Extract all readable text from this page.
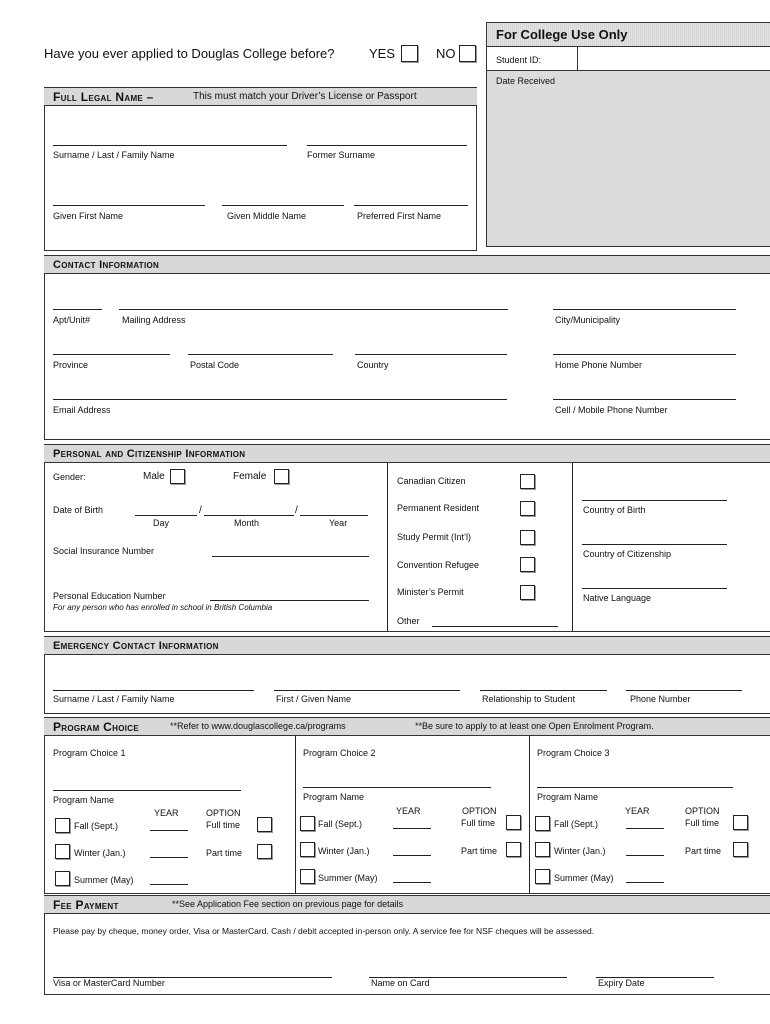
Have you ever applied to Douglas College before?	YES	NO
For College Use Only
Student ID:
Date Received
Full Legal Name –	This must match your Driver’s License or Passport
Surname / Last / Family Name	Former Surname
Given First Name	Given Middle Name	Preferred First Name
Contact Information
Apt/Unit#	Mailing Address	City/Municipality
Province	Postal Code	Country	Home Phone Number
Email Address	Cell / Mobile Phone Number
Personal and Citizenship Information
Gender:	Male	Female
Date of Birth	/	/
Day	Month	Year
Social Insurance Number
Personal Education Number
For any person who has enrolled in school in British Columbia
Canadian Citizen
Permanent Resident
Study Permit (Int’l)
Convention Refugee
Minister’s Permit
Other
Country of Birth
Country of Citizenship
Native Language
Emergency Contact Information
Surname / Last / Family Name	First / Given Name	Relationship to Student	Phone Number
Program Choice	**Refer to www.douglascollege.ca/programs	**Be sure to apply to at least one Open Enrolment Program.
Program Choice 1
Program Name
YEAR	OPTION
Fall (Sept.)	Full time
Winter (Jan.)	Part time
Summer (May)
Program Choice 2
Program Name
YEAR	OPTION
Fall (Sept.)	Full time
Winter (Jan.)	Part time
Summer (May)
Program Choice 3
Program Name
YEAR	OPTION
Fall (Sept.)	Full time
Winter (Jan.)	Part time
Summer (May)
Fee Payment	**See Application Fee section on previous page for details
Please pay by cheque, money order, Visa or MasterCard. Cash / debit accepted in-person only. A service fee for NSF cheques will be assessed.
Visa or MasterCard Number	Name on Card	Expiry Date
